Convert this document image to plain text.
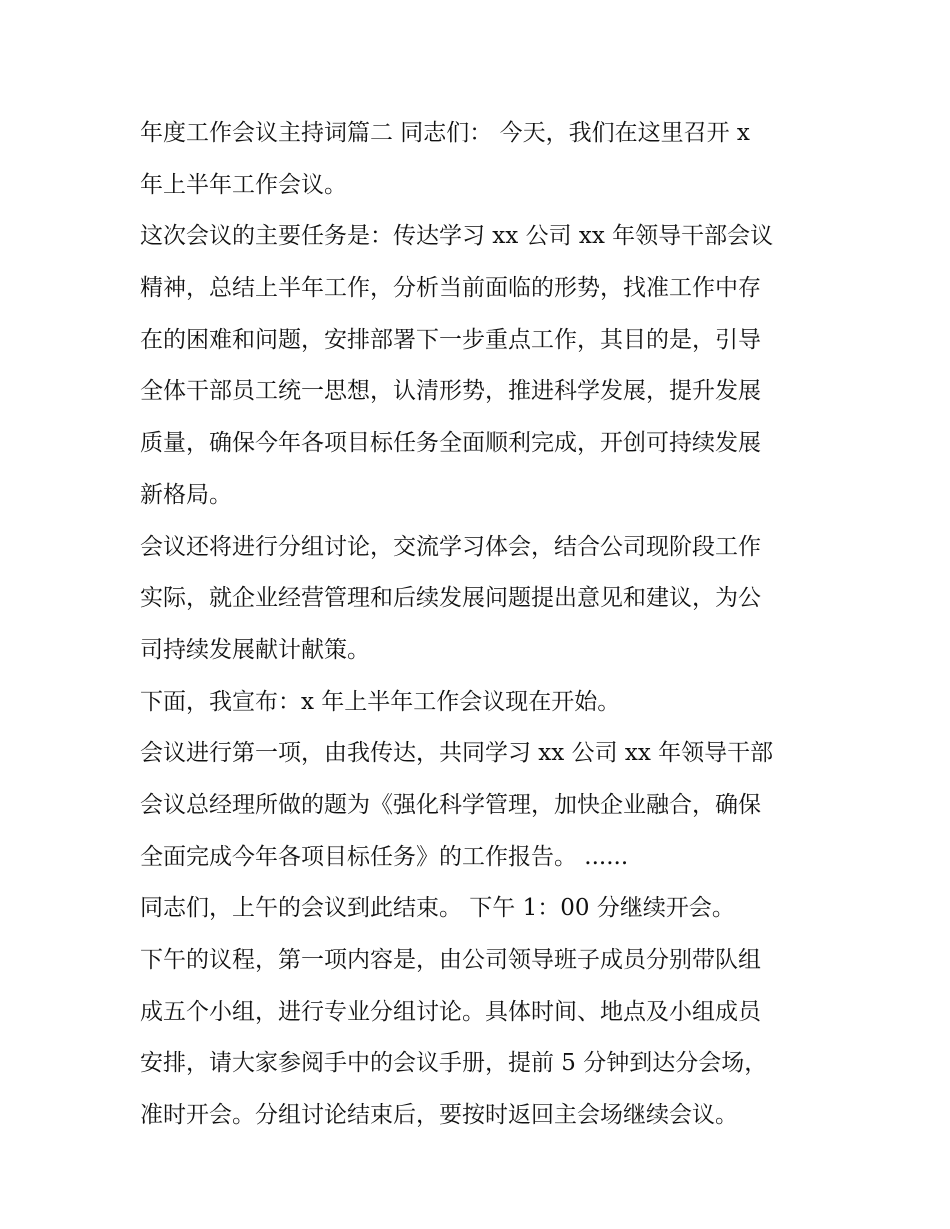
年度工作会议主持词篇二 同志们： 今天，我们在这里召开 x
年上半年工作会议。
这次会议的主要任务是：传达学习 xx 公司 xx 年领导干部会议
精神，总结上半年工作，分析当前面临的形势，找准工作中存
在的困难和问题，安排部署下一步重点工作，其目的是，引导
全体干部员工统一思想，认清形势，推进科学发展，提升发展
质量，确保今年各项目标任务全面顺利完成，开创可持续发展
新格局。
会议还将进行分组讨论，交流学习体会，结合公司现阶段工作
实际，就企业经营管理和后续发展问题提出意见和建议，为公
司持续发展献计献策。
下面，我宣布：x 年上半年工作会议现在开始。
会议进行第一项，由我传达，共同学习 xx 公司 xx 年领导干部
会议总经理所做的题为《强化科学管理，加快企业融合，确保
全面完成今年各项目标任务》的工作报告。 ......
同志们，上午的会议到此结束。 下午 1：00 分继续开会。
下午的议程，第一项内容是，由公司领导班子成员分别带队组
成五个小组，进行专业分组讨论。具体时间、地点及小组成员
安排，请大家参阅手中的会议手册，提前 5 分钟到达分会场，
准时开会。分组讨论结束后，要按时返回主会场继续会议。
